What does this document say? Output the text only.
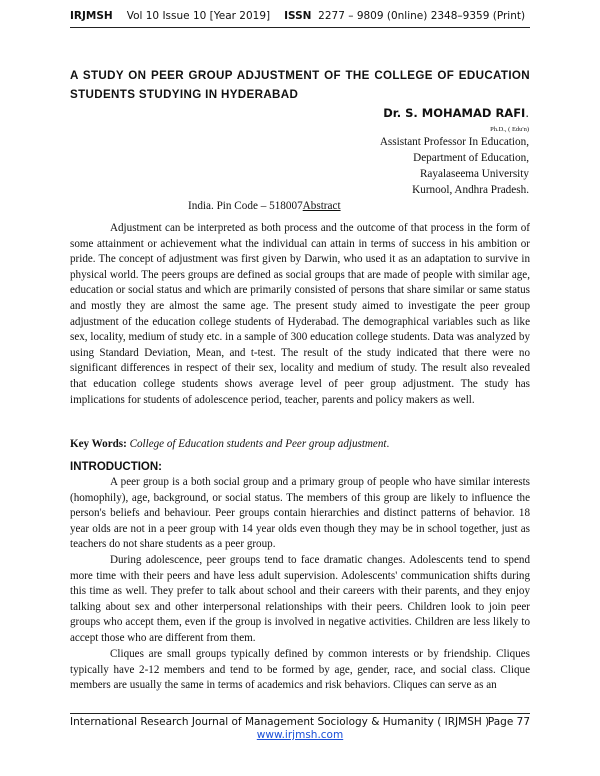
IRJMSH Vol 10 Issue 10 [Year 2019] ISSN 2277 – 9809 (0nline) 2348–9359 (Print)
A STUDY ON PEER GROUP ADJUSTMENT OF THE COLLEGE OF EDUCATION STUDENTS STUDYING IN HYDERABAD
Dr. S. MOHAMAD RAFI.
Ph.D., ( Edu'n)
Assistant Professor In Education,
Department of Education,
Rayalaseema University
Kurnool, Andhra Pradesh.
India. Pin Code – 518007Abstract

Adjustment can be interpreted as both process and the outcome of that process in the form of some attainment or achievement what the individual can attain in terms of success in his ambition or pride. The concept of adjustment was first given by Darwin, who used it as an adaptation to survive in physical world. The peers groups are defined as social groups that are made of people with similar age, education or social status and which are primarily consisted of persons that share similar or same status and mostly they are almost the same age. The present study aimed to investigate the peer group adjustment of the education college students of Hyderabad. The demographical variables such as like sex, locality, medium of study etc. in a sample of 300 education college students. Data was analyzed by using Standard Deviation, Mean, and t-test. The result of the study indicated that there were no significant differences in respect of their sex, locality and medium of study. The result also revealed that education college students shows average level of peer group adjustment. The study has implications for students of adolescence period, teacher, parents and policy makers as well.

Key Words: College of Education students and Peer group adjustment.

INTRODUCTION:

A peer group is a both social group and a primary group of people who have similar interests (homophily), age, background, or social status. The members of this group are likely to influence the person's beliefs and behaviour. Peer groups contain hierarchies and distinct patterns of behavior. 18 year olds are not in a peer group with 14 year olds even though they may be in school together, just as teachers do not share students as a peer group.

During adolescence, peer groups tend to face dramatic changes. Adolescents tend to spend more time with their peers and have less adult supervision. Adolescents' communication shifts during this time as well. They prefer to talk about school and their careers with their parents, and they enjoy talking about sex and other interpersonal relationships with their peers. Children look to join peer groups who accept them, even if the group is involved in negative activities. Children are less likely to accept those who are different from them.

Cliques are small groups typically defined by common interests or by friendship. Cliques typically have 2-12 members and tend to be formed by age, gender, race, and social class. Clique members are usually the same in terms of academics and risk behaviors. Cliques can serve as an

International Research Journal of Management Sociology & Humanity ( IRJMSH )
Page 77
www.irjmsh.com
